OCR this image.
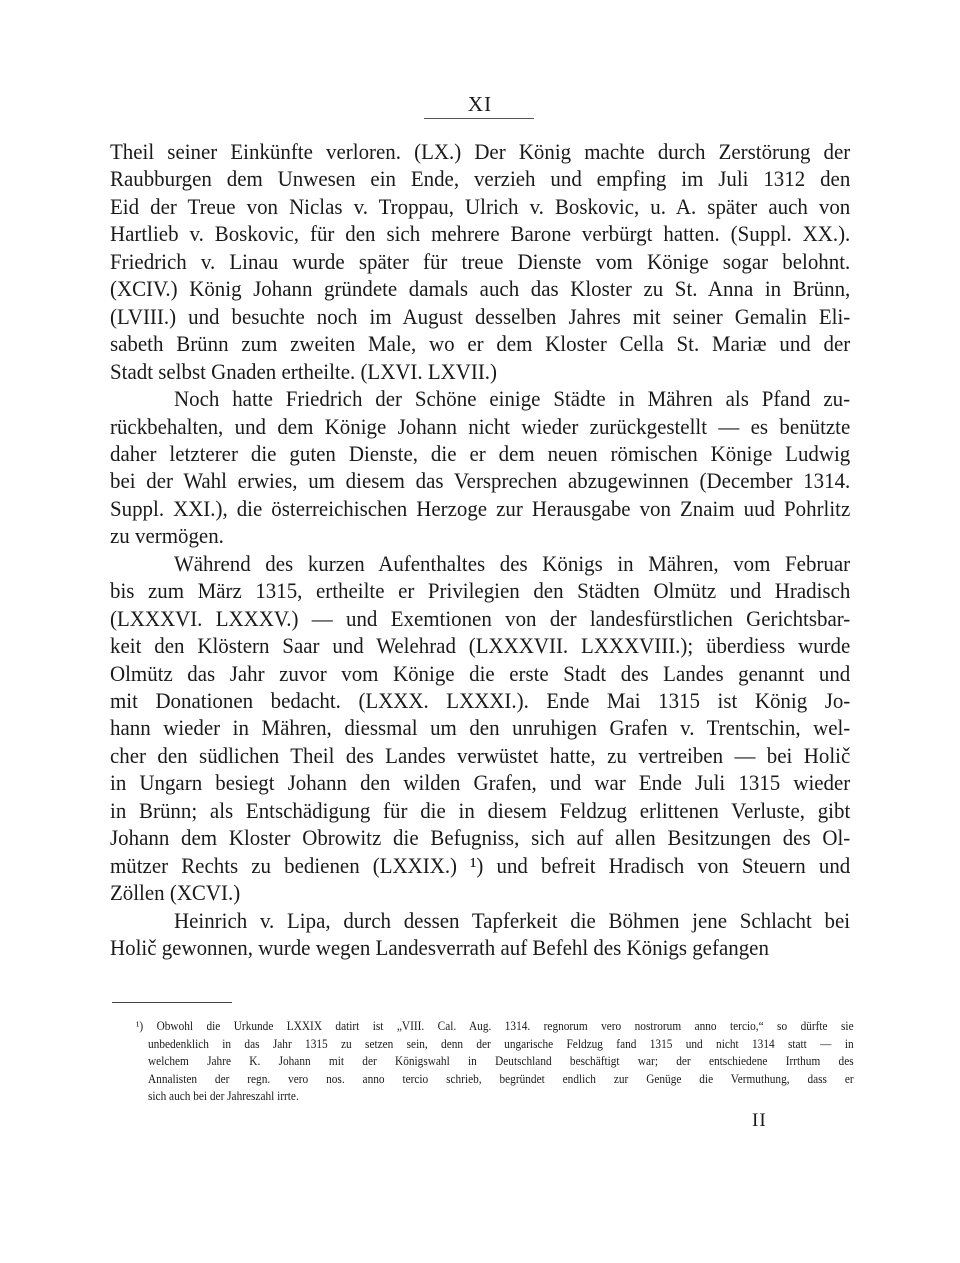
XI
Theil seiner Einkünfte verloren. (LX.) Der König machte durch Zerstörung der
Raubburgen dem Unwesen ein Ende, verzieh und empfing im Juli 1312 den
Eid der Treue von Niclas v. Troppau, Ulrich v. Boskovic, u. A. später auch von
Hartlieb v. Boskovic, für den sich mehrere Barone verbürgt hatten. (Suppl. XX.).
Friedrich v. Linau wurde später für treue Dienste vom Könige sogar belohnt.
(XCIV.) König Johann gründete damals auch das Kloster zu St. Anna in Brünn,
(LVIII.) und besuchte noch im August desselben Jahres mit seiner Gemalin Eli-
sabeth Brünn zum zweiten Male, wo er dem Kloster Cella St. Mariæ und der
Stadt selbst Gnaden ertheilte. (LXVI. LXVII.)
Noch hatte Friedrich der Schöne einige Städte in Mähren als Pfand zu-
rückbehalten, und dem Könige Johann nicht wieder zurückgestellt — es benützte
daher letzterer die guten Dienste, die er dem neuen römischen Könige Ludwig
bei der Wahl erwies, um diesem das Versprechen abzugewinnen (December 1314.
Suppl. XXI.), die österreichischen Herzoge zur Herausgabe von Znaim uud Pohrlitz
zu vermögen.
Während des kurzen Aufenthaltes des Königs in Mähren, vom Februar
bis zum März 1315, ertheilte er Privilegien den Städten Olmütz und Hradisch
(LXXXVI. LXXXV.) — und Exemtionen von der landesfürstlichen Gerichtsbar-
keit den Klöstern Saar und Welehrad (LXXXVII. LXXXVIII.); überdiess wurde
Olmütz das Jahr zuvor vom Könige die erste Stadt des Landes genannt und
mit Donationen bedacht. (LXXX. LXXXI.). Ende Mai 1315 ist König Jo-
hann wieder in Mähren, diessmal um den unruhigen Grafen v. Trentschin, wel-
cher den südlichen Theil des Landes verwüstet hatte, zu vertreiben — bei Holič
in Ungarn besiegt Johann den wilden Grafen, und war Ende Juli 1315 wieder
in Brünn; als Entschädigung für die in diesem Feldzug erlittenen Verluste, gibt
Johann dem Kloster Obrowitz die Befugniss, sich auf allen Besitzungen des Ol-
mützer Rechts zu bedienen (LXXIX.) ¹) und befreit Hradisch von Steuern und
Zöllen (XCVI.)
Heinrich v. Lipa, durch dessen Tapferkeit die Böhmen jene Schlacht bei
Holič gewonnen, wurde wegen Landesverrath auf Befehl des Königs gefangen
¹) Obwohl die Urkunde LXXIX datirt ist „VIII. Cal. Aug. 1314. regnorum vero nostrorum anno tercio,“ so dürfte sie
unbedenklich in das Jahr 1315 zu setzen sein, denn der ungarische Feldzug fand 1315 und nicht 1314 statt — in
welchem Jahre K. Johann mit der Königswahl in Deutschland beschäftigt war; der entschiedene Irrthum des
Annalisten der regn. vero nos. anno tercio schrieb, begründet endlich zur Genüge die Vermuthung, dass er
sich auch bei der Jahreszahl irrte.
II
